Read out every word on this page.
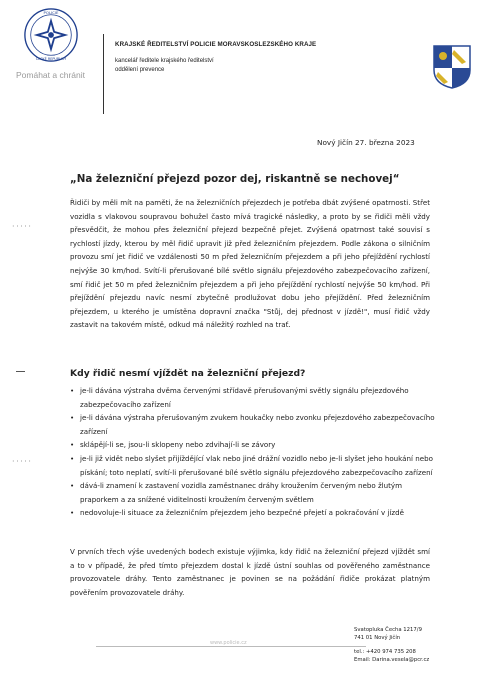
POLICIE
ČESKÉ REPUBLIKY
Pomáhat a chránit
KRAJSKÉ ŘEDITELSTVÍ POLICIE MORAVSKOSLEZSKÉHO KRAJE
kancelář ředitele krajského ředitelství
oddělení prevence
Nový Jičín 27. března 2023
„Na železniční přejezd pozor dej, riskantně se nechovej“

Řidiči by měli mít na paměti, že na železničních přejezdech je potřeba dbát zvýšené opatrnosti. Střet vozidla s vlakovou soupravou bohužel často mívá tragické následky, a proto by se řidiči měli vždy přesvědčit, že mohou přes železniční přejezd bezpečně přejet. Zvýšená opatrnost také souvisí s rychlostí jízdy, kterou by měl řidič upravit již před železničním přejezdem. Podle zákona o silničním provozu smí jet řidič ve vzdálenosti 50 m před železničním přejezdem a při jeho přejíždění rychlostí nejvýše 30 km/hod. Svítí-li přerušované bílé světlo signálu přejezdového zabezpečovacího zařízení, smí řidič jet 50 m před železničním přejezdem a při jeho přejíždění rychlostí nejvýše 50 km/hod. Při přejíždění přejezdu navíc nesmí zbytečně prodlužovat dobu jeho přejíždění. Před železničním přejezdem, u kterého je umístěna dopravní značka "Stůj, dej přednost v jízdě!", musí řidič vždy zastavit na takovém místě, odkud má náležitý rozhled na trať.

· · · · ·
· · · · ·
Kdy řidič nesmí vjíždět na železniční přejezd?
• je-li dávána výstraha dvěma červenými střídavě přerušovanými světly signálu přejezdového zabezpečovacího zařízení
• je-li dávána výstraha přerušovaným zvukem houkačky nebo zvonku přejezdového zabezpečovacího zařízení
• sklápějí-li se, jsou-li sklopeny nebo zdvihají-li se závory
• je-li již vidět nebo slyšet přijíždějící vlak nebo jiné drážní vozidlo nebo je-li slyšet jeho houkání nebo pískání; toto neplatí, svítí-li přerušované bílé světlo signálu přejezdového zabezpečovacího zařízení
• dává-li znamení k zastavení vozidla zaměstnanec dráhy kroužením červeným nebo žlutým praporkem a za snížené viditelnosti kroužením červeným světlem
• nedovoluje-li situace za železničním přejezdem jeho bezpečné přejetí a pokračování v jízdě

V prvních třech výše uvedených bodech existuje výjimka, kdy řidič na železniční přejezd vjíždět smí a to v případě, že před tímto přejezdem dostal k jízdě ústní souhlas od pověřeného zaměstnance provozovatele dráhy. Tento zaměstnanec je povinen se na požádání řidiče prokázat platným pověřením provozovatele dráhy.

www.policie.cz
Svatopluka Čecha 1217/9
741 01 Nový Jičín
tel.: +420 974 735 208
Email: Darina.vesela@pcr.cz
